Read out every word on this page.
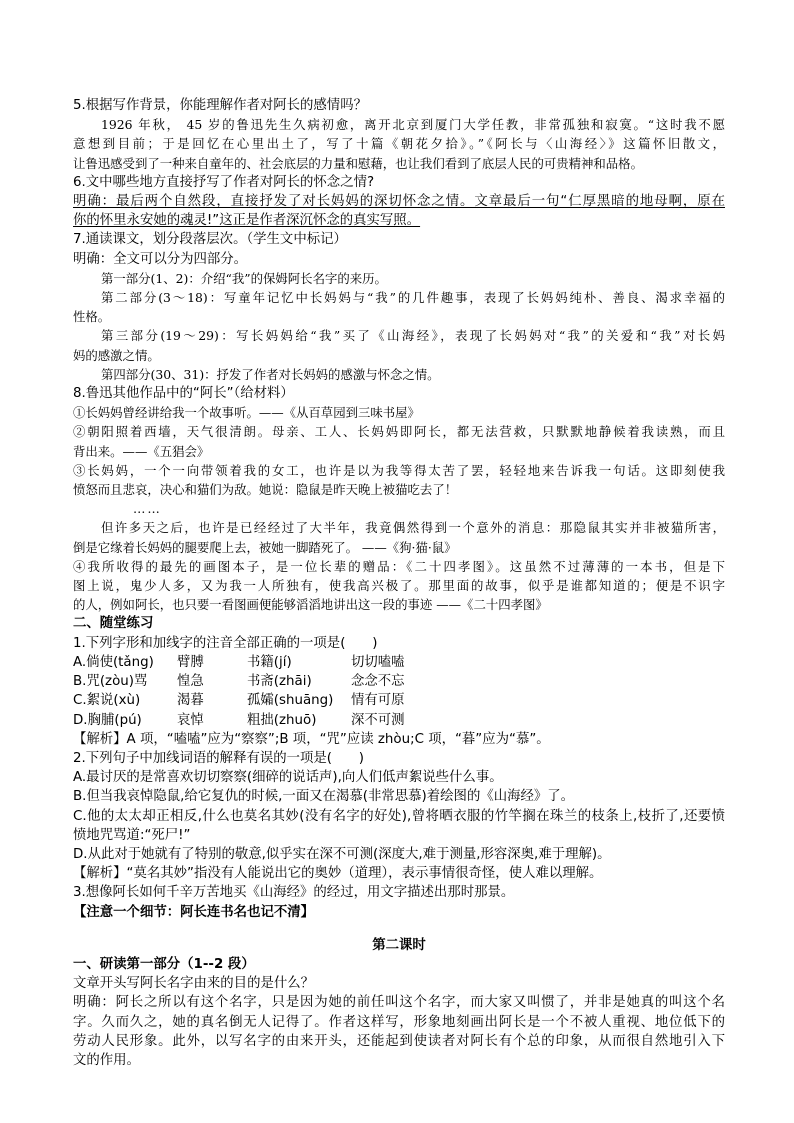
5.根据写作背景，你能理解作者对阿长的感情吗？
1926 年秋， 45 岁的鲁迅先生久病初愈，离开北京到厦门大学任教，非常孤独和寂寞。“这时我不愿
意想到目前；于是回忆在心里出土了，写了十篇《朝花夕拾》。”《阿长与〈山海经〉》这篇怀旧散文，
让鲁迅感受到了一种来自童年的、社会底层的力量和慰藉，也让我们看到了底层人民的可贵精神和品格。
6.文中哪些地方直接抒写了作者对阿长的怀念之情?
明确：最后两个自然段，直接抒发了对长妈妈的深切怀念之情。文章最后一句“仁厚黑暗的地母啊，原在
你的怀里永安她的魂灵!”这正是作者深沉怀念的真实写照。
7.通读课文，划分段落层次。（学生文中标记）
明确：全文可以分为四部分。
第一部分(1、2)：介绍“我”的保姆阿长名字的来历。
第二部分(3～18)：写童年记忆中长妈妈与“我”的几件趣事，表现了长妈妈纯朴、善良、渴求幸福的
性格。
第三部分(19～29)：写长妈妈给“我”买了《山海经》，表现了长妈妈对“我”的关爱和“我”对长妈
妈的感激之情。
第四部分(30、31)：抒发了作者对长妈妈的感激与怀念之情。
8.鲁迅其他作品中的“阿长”（给材料）
①长妈妈曾经讲给我一个故事听。——《从百草园到三味书屋》
②朝阳照着西墙，天气很清朗。母亲、工人、长妈妈即阿长，都无法营救，只默默地静候着我读熟，而且
背出来。——《五猖会》
③长妈妈，一个一向带领着我的女工，也许是以为我等得太苦了罢，轻轻地来告诉我一句话。这即刻使我
愤怒而且悲哀，决心和猫们为敌。她说：隐鼠是昨天晚上被猫吃去了！
……
但许多天之后，也许是已经经过了大半年，我竟偶然得到一个意外的消息：那隐鼠其实并非被猫所害，
倒是它缘着长妈妈的腿要爬上去，被她一脚踏死了。 ——《狗·猫·鼠》
④我所收得的最先的画图本子，是一位长辈的赠品：《二十四孝图》。这虽然不过薄薄的一本书，但是下
图上说，鬼少人多，又为我一人所独有，使我高兴极了。那里面的故事，似乎是谁都知道的；便是不识字
的人，例如阿长，也只要一看图画便能够滔滔地讲出这一段的事迹 ——《二十四孝图》
二、随堂练习
1.下列字形和加线字的注音全部正确的一项是(　　)
A.倘使(tǎng) 臂膊	书籍(jí)	切切嗑嗑
B.咒(zòu)骂 惶急	书斋(zhāi)	念念不忘
C.絮说(xù)	渴暮	孤孀(shuāng) 情有可原
D.胸脯(pú)	哀悼	粗拙(zhuō)	深不可测
【解析】A 项，“嗑嗑”应为“察察”;B 项，“咒”应读 zhòu;C 项，“暮”应为“慕”。
2.下列句子中加线词语的解释有误的一项是(　　)
A.最讨厌的是常喜欢切切察察(细碎的说话声),向人们低声絮说些什么事。
B.但当我哀悼隐鼠,给它复仇的时候,一面又在渴慕(非常思慕)着绘图的《山海经》了。
C.他的太太却正相反,什么也莫名其妙(没有名字的好处),曾将晒衣服的竹竿搁在珠兰的枝条上,枝折了,还要愤
愤地咒骂道:“死尸!”
D.从此对于她就有了特别的敬意,似乎实在深不可测(深度大,难于测量,形容深奥,难于理解)。
【解析】“莫名其妙”指没有人能说出它的奥妙（道理），表示事情很奇怪，使人难以理解。
3.想像阿长如何千辛万苦地买《山海经》的经过，用文字描述出那时那景。
【注意一个细节：阿长连书名也记不清】
第二课时
一、研读第一部分（1--2 段）
文章开头写阿长名字由来的目的是什么？
明确：阿长之所以有这个名字，只是因为她的前任叫这个名字，而大家又叫惯了，并非是她真的叫这个名
字。久而久之，她的真名倒无人记得了。作者这样写，形象地刻画出阿长是一个不被人重视、地位低下的
劳动人民形象。此外，以写名字的由来开头，还能起到使读者对阿长有个总的印象，从而很自然地引入下
文的作用。
